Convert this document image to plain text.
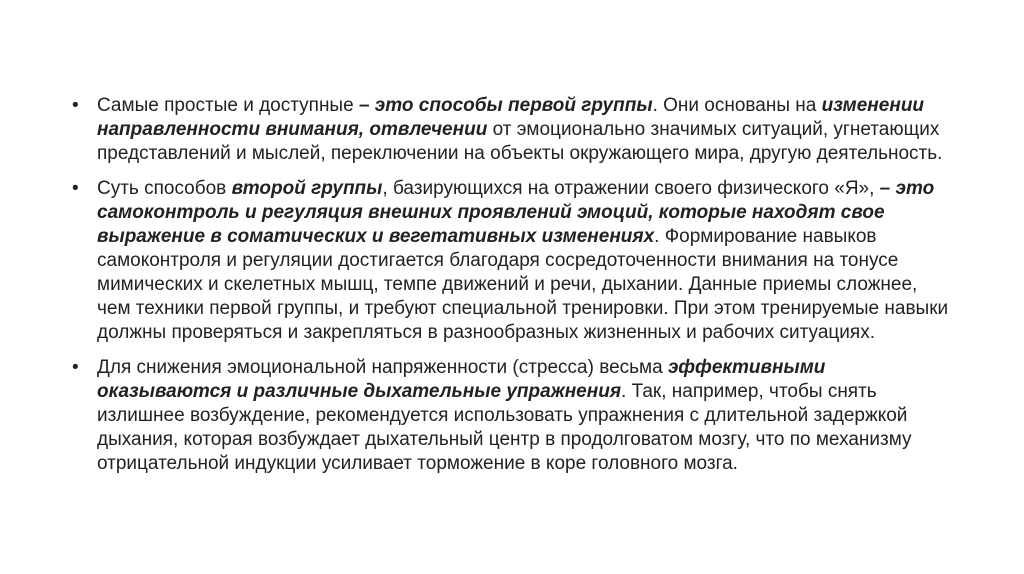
• Самые простые и доступные – это способы первой группы. Они основаны на изменении направленности внимания, отвлечении от эмоционально значимых ситуаций, угнетающих представлений и мыслей, переключении на объекты окружающего мира, другую деятельность.
• Суть способов второй группы, базирующихся на отражении своего физического «Я», – это самоконтроль и регуляция внешних проявлений эмоций, которые находят свое выражение в соматических и вегетативных изменениях. Формирование навыков самоконтроля и регуляции достигается благодаря сосредоточенности внимания на тонусе мимических и скелетных мышц, темпе движений и речи, дыхании. Данные приемы сложнее, чем техники первой группы, и требуют специальной тренировки. При этом тренируемые навыки должны проверяться и закрепляться в разнообразных жизненных и рабочих ситуациях.
• Для снижения эмоциональной напряженности (стресса) весьма эффективными оказываются и различные дыхательные упражнения. Так, например, чтобы снять излишнее возбуждение, рекомендуется использовать упражнения с длительной задержкой дыхания, которая возбуждает дыхательный центр в продолговатом мозгу, что по механизму отрицательной индукции усиливает торможение в коре головного мозга.
